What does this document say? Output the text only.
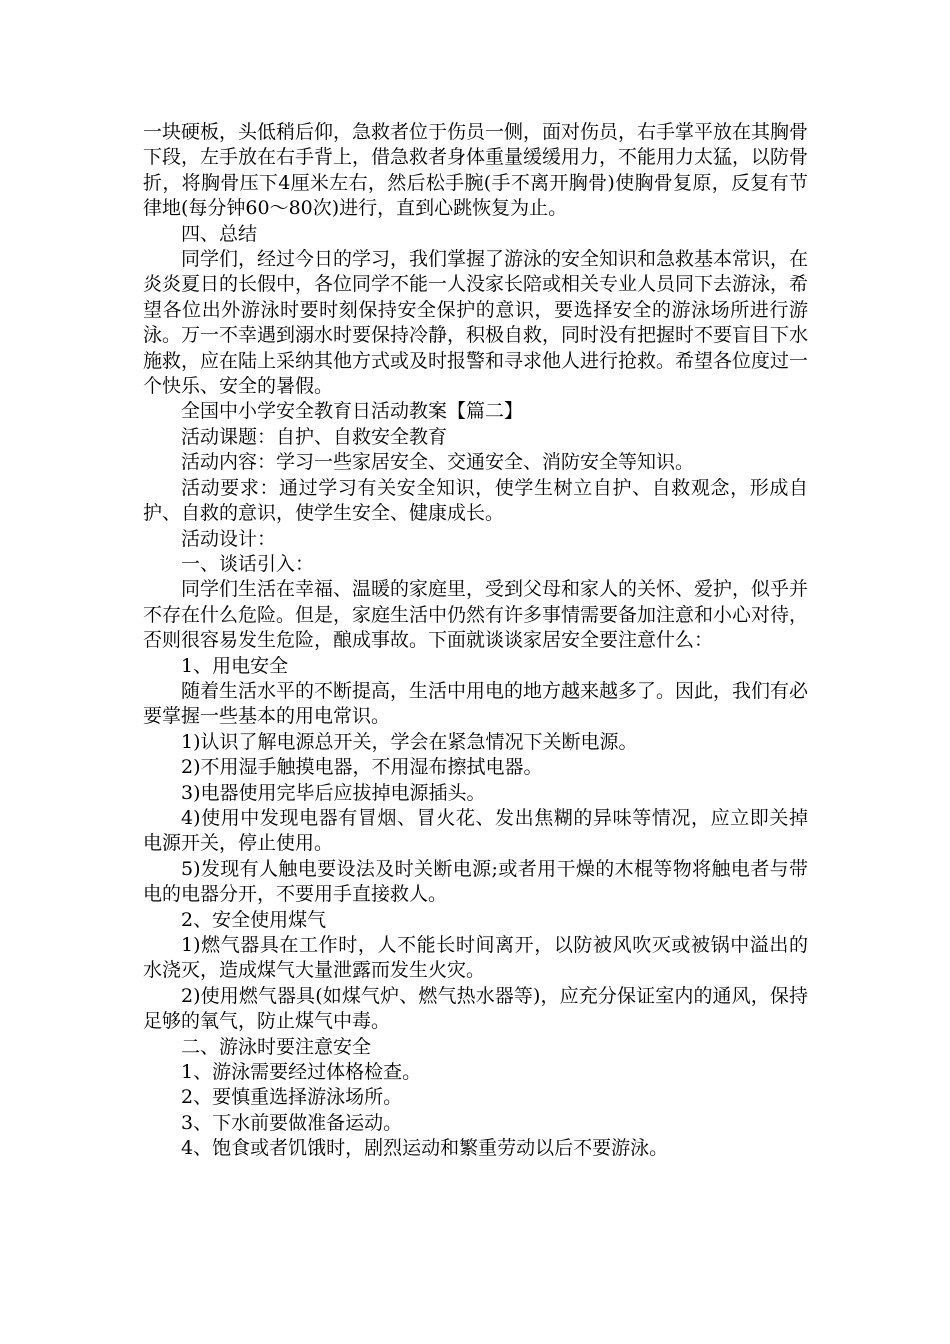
一块硬板，头低稍后仰，急救者位于伤员一侧，面对伤员，右手掌平放在其胸骨下段，左手放在右手背上，借急救者身体重量缓缓用力，不能用力太猛，以防骨折，将胸骨压下4厘米左右，然后松手腕(手不离开胸骨)使胸骨复原，反复有节律地(每分钟60～80次)进行，直到心跳恢复为止。

四、总结

同学们，经过今日的学习，我们掌握了游泳的安全知识和急救基本常识，在炎炎夏日的长假中，各位同学不能一人没家长陪或相关专业人员同下去游泳，希望各位出外游泳时要时刻保持安全保护的意识，要选择安全的游泳场所进行游泳。万一不幸遇到溺水时要保持冷静，积极自救，同时没有把握时不要盲目下水施救，应在陆上采纳其他方式或及时报警和寻求他人进行抢救。希望各位度过一个快乐、安全的暑假。

全国中小学安全教育日活动教案【篇二】

活动课题：自护、自救安全教育

活动内容：学习一些家居安全、交通安全、消防安全等知识。

活动要求：通过学习有关安全知识，使学生树立自护、自救观念，形成自护、自救的意识，使学生安全、健康成长。

活动设计：

一、谈话引入：

同学们生活在幸福、温暖的家庭里，受到父母和家人的关怀、爱护，似乎并不存在什么危险。但是，家庭生活中仍然有许多事情需要备加注意和小心对待，否则很容易发生危险，酿成事故。下面就谈谈家居安全要注意什么：

1、用电安全

随着生活水平的不断提高，生活中用电的地方越来越多了。因此，我们有必要掌握一些基本的用电常识。

1)认识了解电源总开关，学会在紧急情况下关断电源。

2)不用湿手触摸电器，不用湿布擦拭电器。

3)电器使用完毕后应拔掉电源插头。

4)使用中发现电器有冒烟、冒火花、发出焦糊的异味等情况，应立即关掉电源开关，停止使用。

5)发现有人触电要设法及时关断电源;或者用干燥的木棍等物将触电者与带电的电器分开，不要用手直接救人。

2、安全使用煤气

1)燃气器具在工作时，人不能长时间离开，以防被风吹灭或被锅中溢出的水浇灭，造成煤气大量泄露而发生火灾。

2)使用燃气器具(如煤气炉、燃气热水器等)，应充分保证室内的通风，保持足够的氧气，防止煤气中毒。

二、游泳时要注意安全

1、游泳需要经过体格检查。

2、要慎重选择游泳场所。

3、下水前要做准备运动。

4、饱食或者饥饿时，剧烈运动和繁重劳动以后不要游泳。
